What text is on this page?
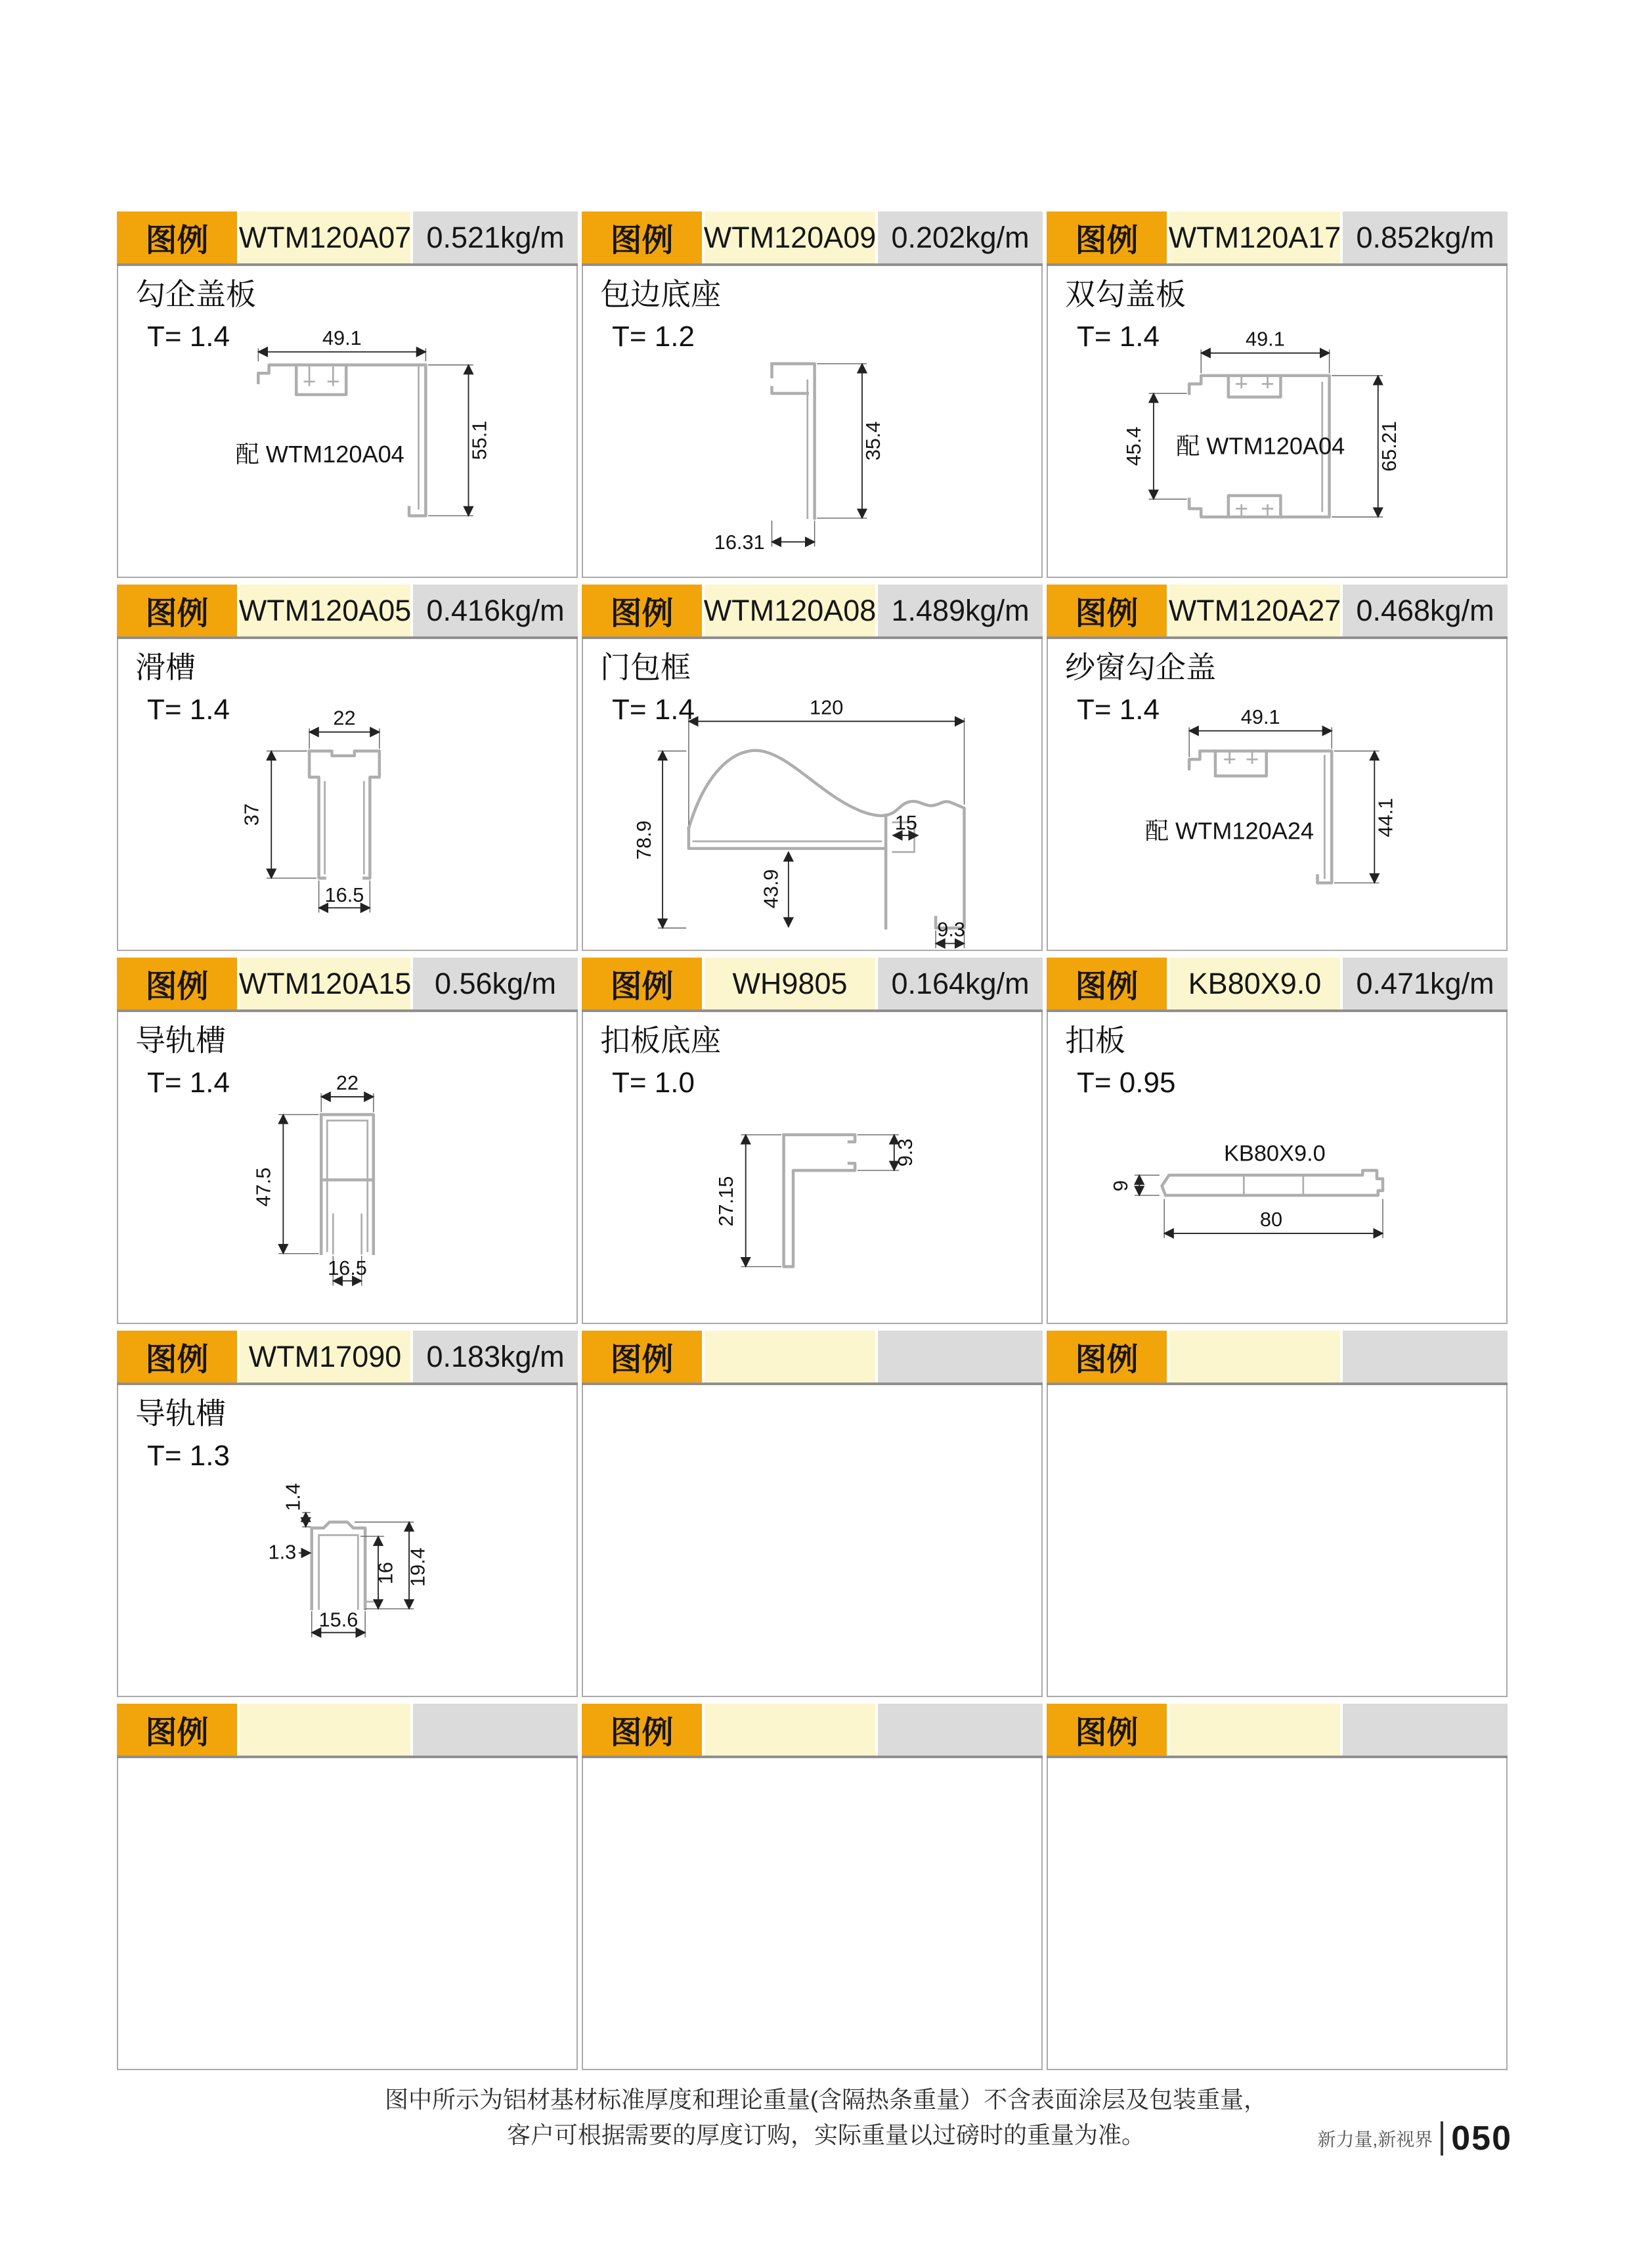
图例	WTM120A07 0.521kg/m
勾企盖板
T= 1.4	49.1
55.1
配 WTM120A04
图例	WTM120A09 0.202kg/m
包边底座
T= 1.2
35.4
16.31
图例	WTM120A17 0.852kg/m
双勾盖板
T= 1.4	49.1
45.4	65.21
配 WTM120A04
图例	WTM120A05 0.416kg/m
滑槽
T= 1.4	22
37
16.5
图例	WTM120A08 1.489kg/m
门包框
T= 1.4	120
78.9
43.9
15
9.3
图例	WTM120A27 0.468kg/m
纱窗勾企盖
T= 1.4	49.1
44.1
配 WTM120A24
图例	WTM120A15 0.56kg/m
导轨槽
T= 1.4	22
47.5
16.5
图例	WH9805	0.164kg/m
扣板底座
T= 1.0
27.15
9.3
图例	KB80X9.0	0.471kg/m
扣板
T= 0.95
KB80X9.0
9
80
图例	WTM17090 0.183kg/m
导轨槽
T= 1.3
1.4
1.3
16 19.4
15.6
图例	图例
图例	图例	图例
图中所示为铝材基材标准厚度和理论重量(含隔热条重量）不含表面涂层及包装重量，
客户可根据需要的厚度订购，实际重量以过磅时的重量为准。	新力量,新视界 050
